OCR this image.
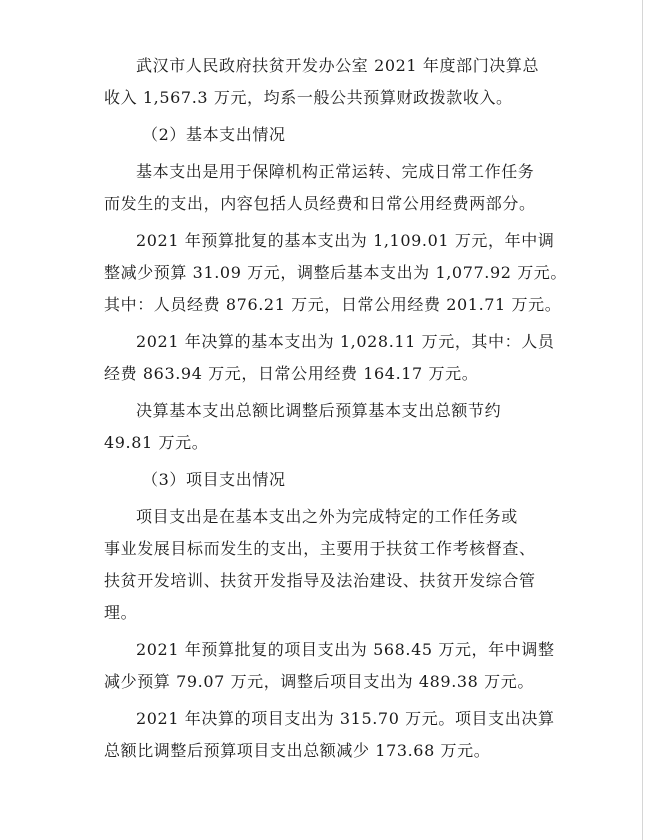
武汉市人民政府扶贫开发办公室 2021 年度部门决算总
收入 1,567.3 万元，均系一般公共预算财政拨款收入。
（2）基本支出情况
基本支出是用于保障机构正常运转、完成日常工作任务
而发生的支出，内容包括人员经费和日常公用经费两部分。
2021 年预算批复的基本支出为 1,109.01 万元，年中调
整减少预算 31.09 万元，调整后基本支出为 1,077.92 万元。
其中：人员经费 876.21 万元，日常公用经费 201.71 万元。
2021 年决算的基本支出为 1,028.11 万元，其中：人员
经费 863.94 万元，日常公用经费 164.17 万元。
决算基本支出总额比调整后预算基本支出总额节约
49.81 万元。
（3）项目支出情况
项目支出是在基本支出之外为完成特定的工作任务或
事业发展目标而发生的支出，主要用于扶贫工作考核督查、
扶贫开发培训、扶贫开发指导及法治建设、扶贫开发综合管
理。
2021 年预算批复的项目支出为 568.45 万元，年中调整
减少预算 79.07 万元，调整后项目支出为 489.38 万元。
2021 年决算的项目支出为 315.70 万元。项目支出决算
总额比调整后预算项目支出总额减少 173.68 万元。
